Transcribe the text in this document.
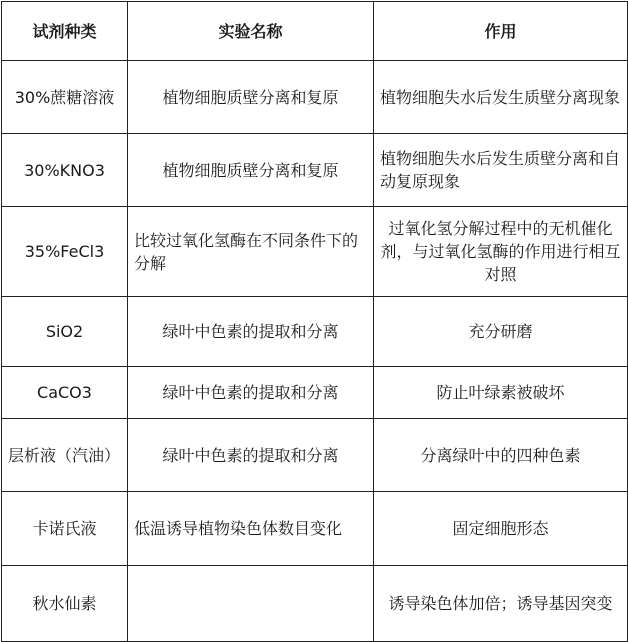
试剂种类	实验名称	作用
30%蔗糖溶液	植物细胞质壁分离和复原	植物细胞失水后发生质壁分离现象
30%KNO3	植物细胞质壁分离和复原	植物细胞失水后发生质壁分离和自动复原现象
35%FeCl3	比较过氧化氢酶在不同条件下的分解	过氧化氢分解过程中的无机催化剂，与过氧化氢酶的作用进行相互对照
SiO2	绿叶中色素的提取和分离	充分研磨
CaCO3	绿叶中色素的提取和分离	防止叶绿素被破坏
层析液（汽油）	绿叶中色素的提取和分离	分离绿叶中的四种色素
卡诺氏液	低温诱导植物染色体数目变化	固定细胞形态
秋水仙素		诱导染色体加倍；诱导基因突变
